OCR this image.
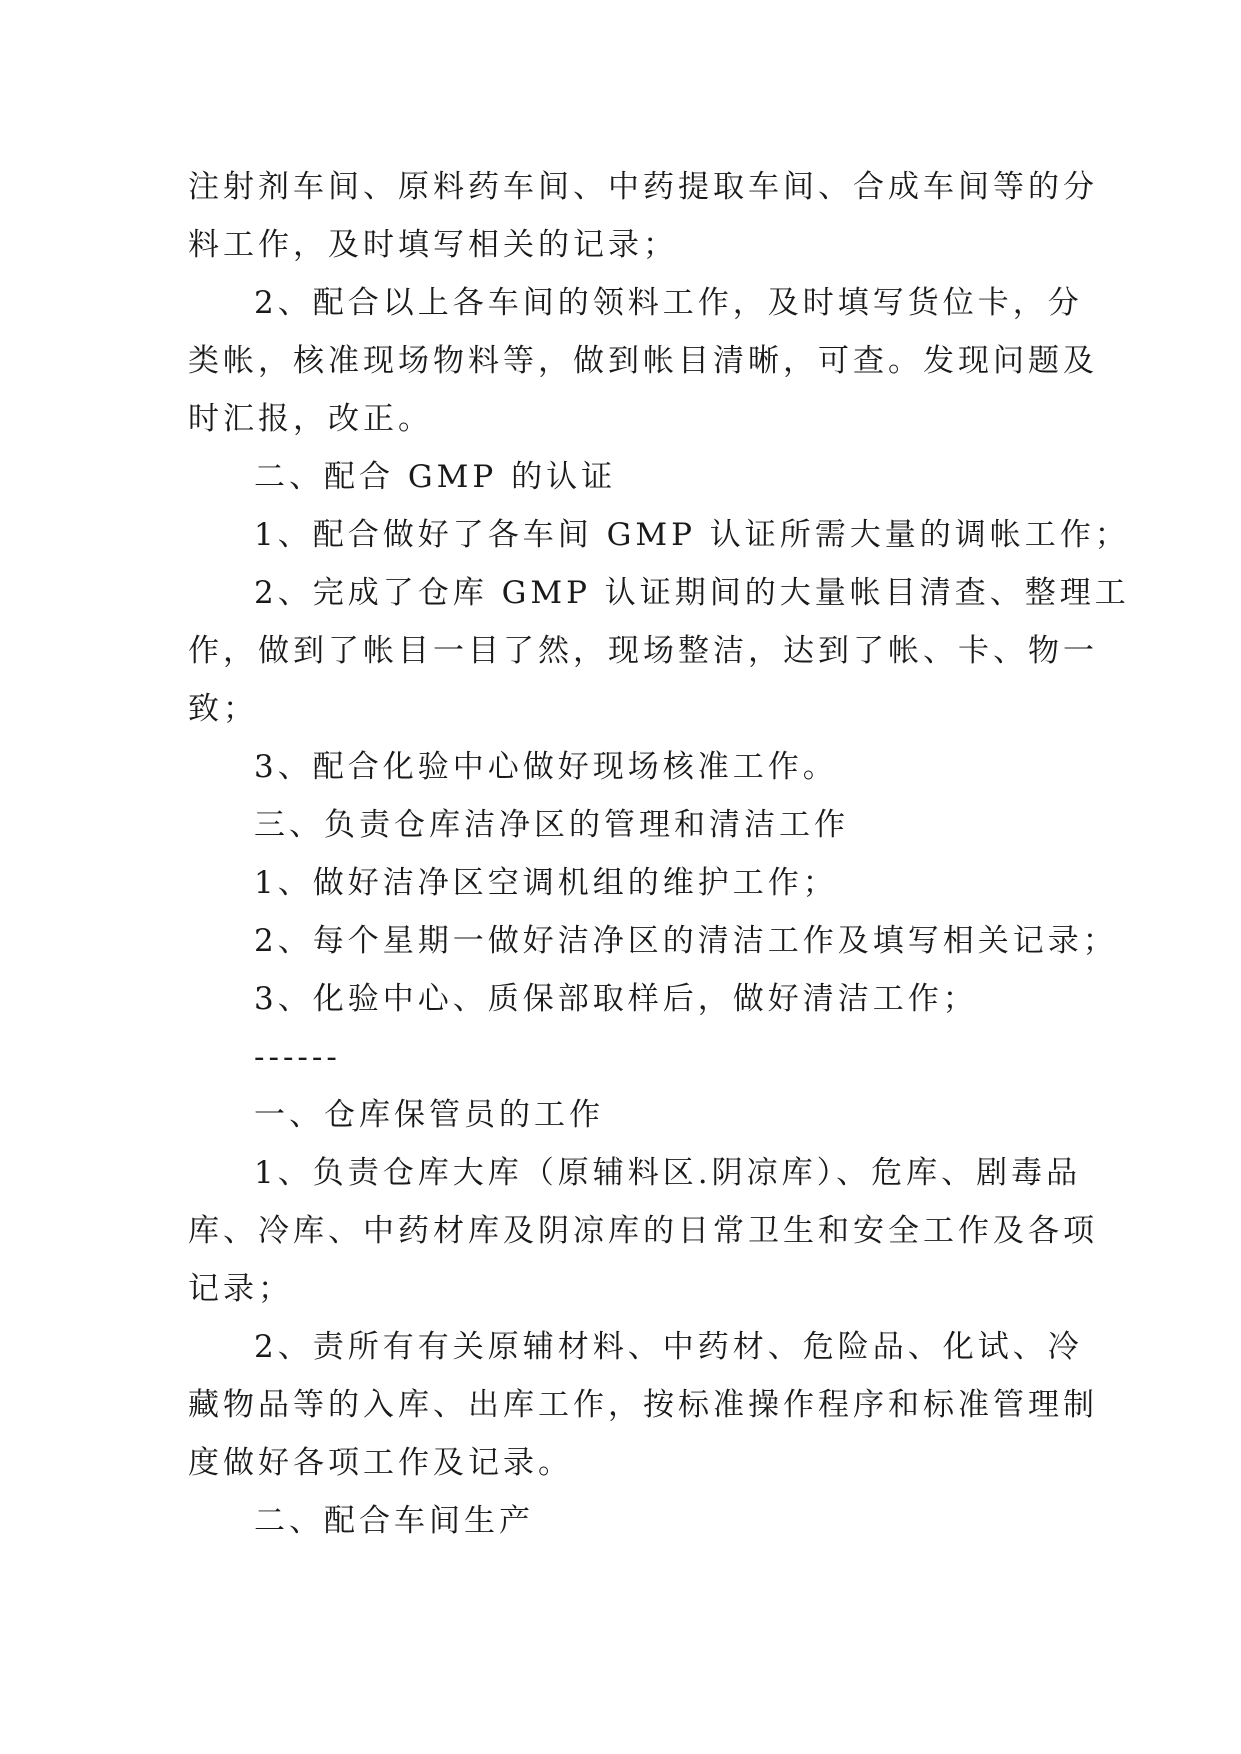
注射剂车间、原料药车间、中药提取车间、合成车间等的分
料工作，及时填写相关的记录；
2、配合以上各车间的领料工作，及时填写货位卡，分
类帐，核准现场物料等，做到帐目清晰，可查。发现问题及
时汇报，改正。
二、配合 GMP 的认证
1、配合做好了各车间 GMP 认证所需大量的调帐工作；
2、完成了仓库 GMP 认证期间的大量帐目清查、整理工
作，做到了帐目一目了然，现场整洁，达到了帐、卡、物一
致；
3、配合化验中心做好现场核准工作。
三、负责仓库洁净区的管理和清洁工作
1、做好洁净区空调机组的维护工作；
2、每个星期一做好洁净区的清洁工作及填写相关记录；
3、化验中心、质保部取样后，做好清洁工作；
------
一、仓库保管员的工作
1、负责仓库大库（原辅料区.阴凉库）、危库、剧毒品
库、冷库、中药材库及阴凉库的日常卫生和安全工作及各项
记录；
2、责所有有关原辅材料、中药材、危险品、化试、冷
藏物品等的入库、出库工作，按标准操作程序和标准管理制
度做好各项工作及记录。
二、配合车间生产
